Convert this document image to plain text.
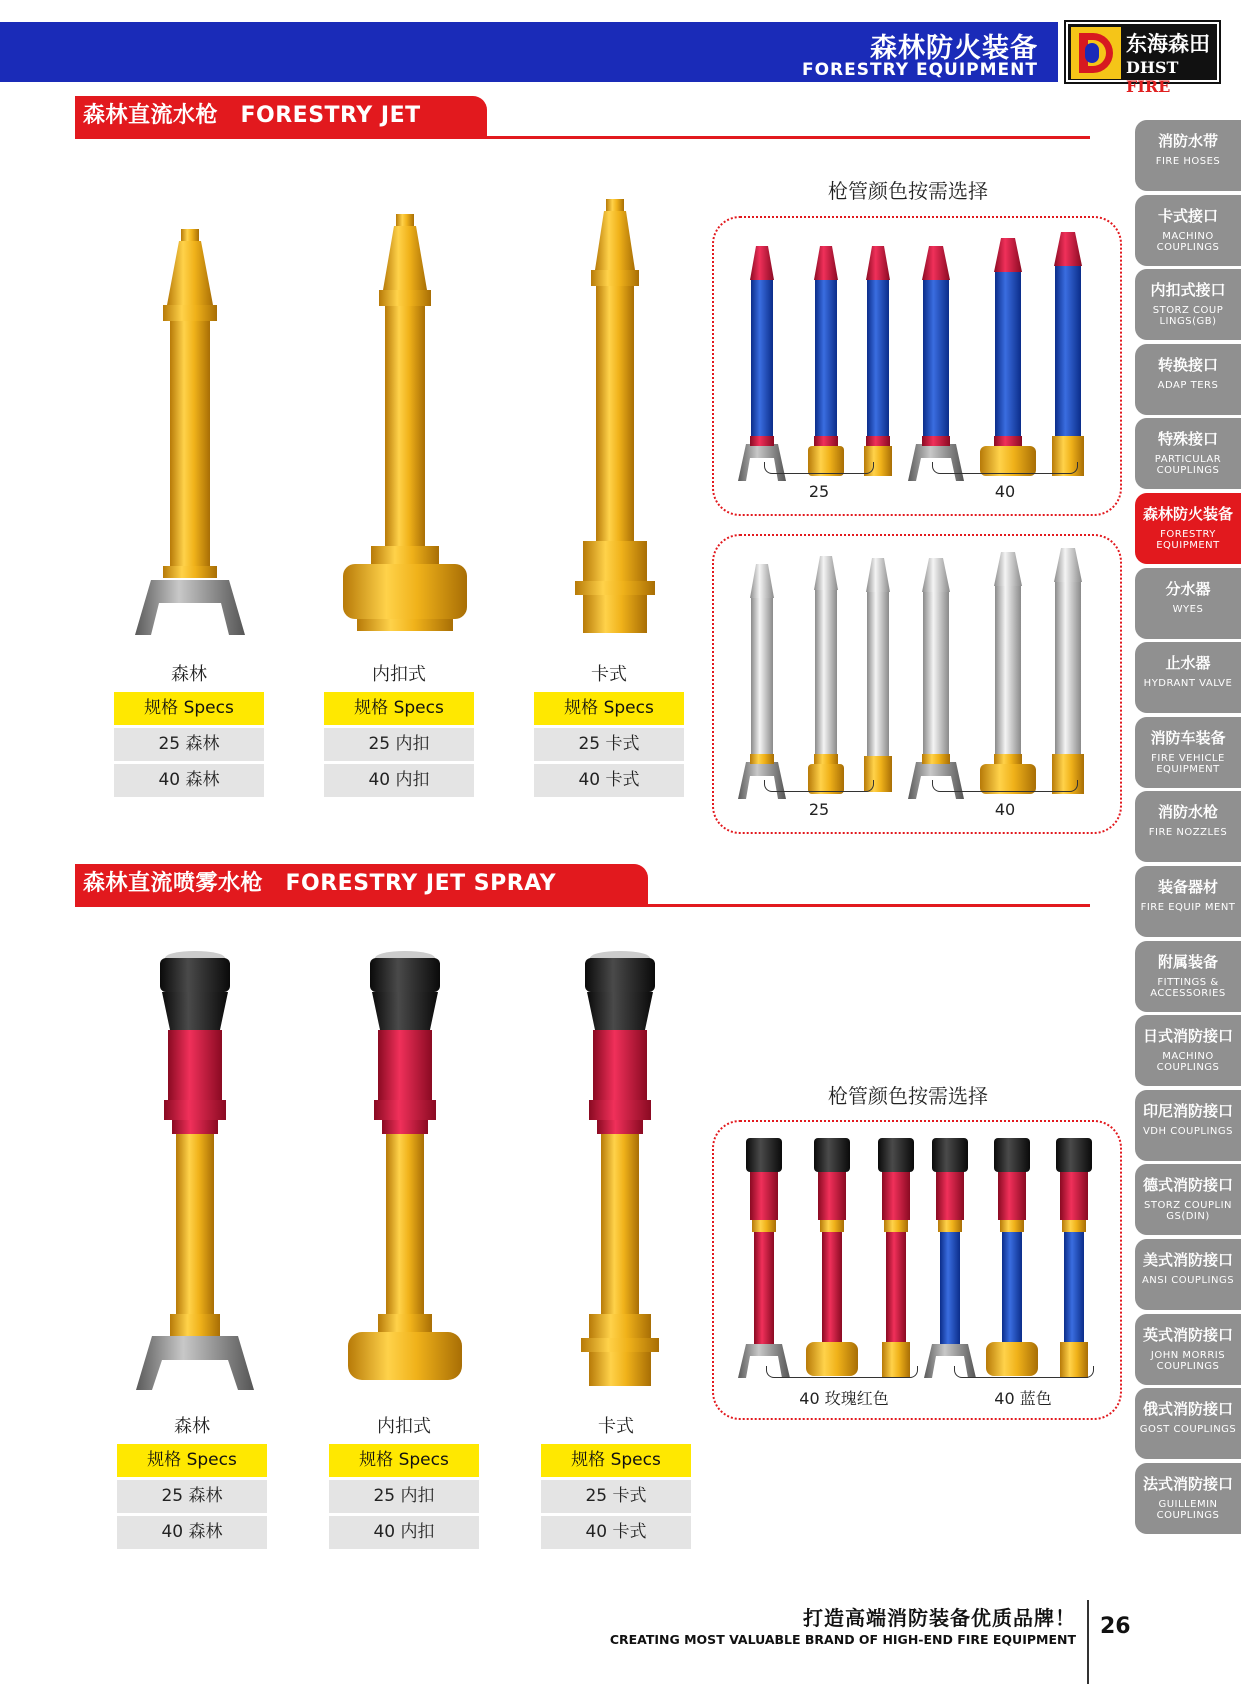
森林防火装备
FORESTRY EQUIPMENT
东海森田
DHST FIRE
森林直流水枪　FORESTRY JET NOZZLE
森林
规格 Specs
25 森林
40 森林
内扣式
规格 Specs
25 内扣
40 内扣
卡式
规格 Specs
25 卡式
40 卡式
枪管颜色按需选择
25	40
25	40
森林直流喷雾水枪　FORESTRY JET SPRAY NOZZLE
森林
规格 Specs
25 森林
40 森林
内扣式
规格 Specs
25 内扣
40 内扣
卡式
规格 Specs
25 卡式
40 卡式
枪管颜色按需选择
40 玫瑰红色	40 蓝色
消防水带
FIRE HOSES
卡式接口
MACHINO COUPLINGS
内扣式接口
STORZ COUP LINGS(GB)
转换接口
ADAP TERS
特殊接口
PARTICULAR COUPLINGS
森林防火装备
FORESTRY EQUIPMENT
分水器
WYES
止水器
HYDRANT VALVE
消防车装备
FIRE VEHICLE EQUIPMENT
消防水枪
FIRE NOZZLES
装备器材
FIRE EQUIP MENT
附属装备
FITTINGS & ACCESSORIES
日式消防接口
MACHINO COUPLINGS
印尼消防接口
VDH COUPLINGS
德式消防接口
STORZ COUPLIN GS(DIN)
美式消防接口
ANSI COUPLINGS
英式消防接口
JOHN MORRIS COUPLINGS
俄式消防接口
GOST COUPLINGS
法式消防接口
GUILLEMIN COUPLINGS
打造高端消防装备优质品牌！
CREATING MOST VALUABLE BRAND OF HIGH-END FIRE EQUIPMENT
26
